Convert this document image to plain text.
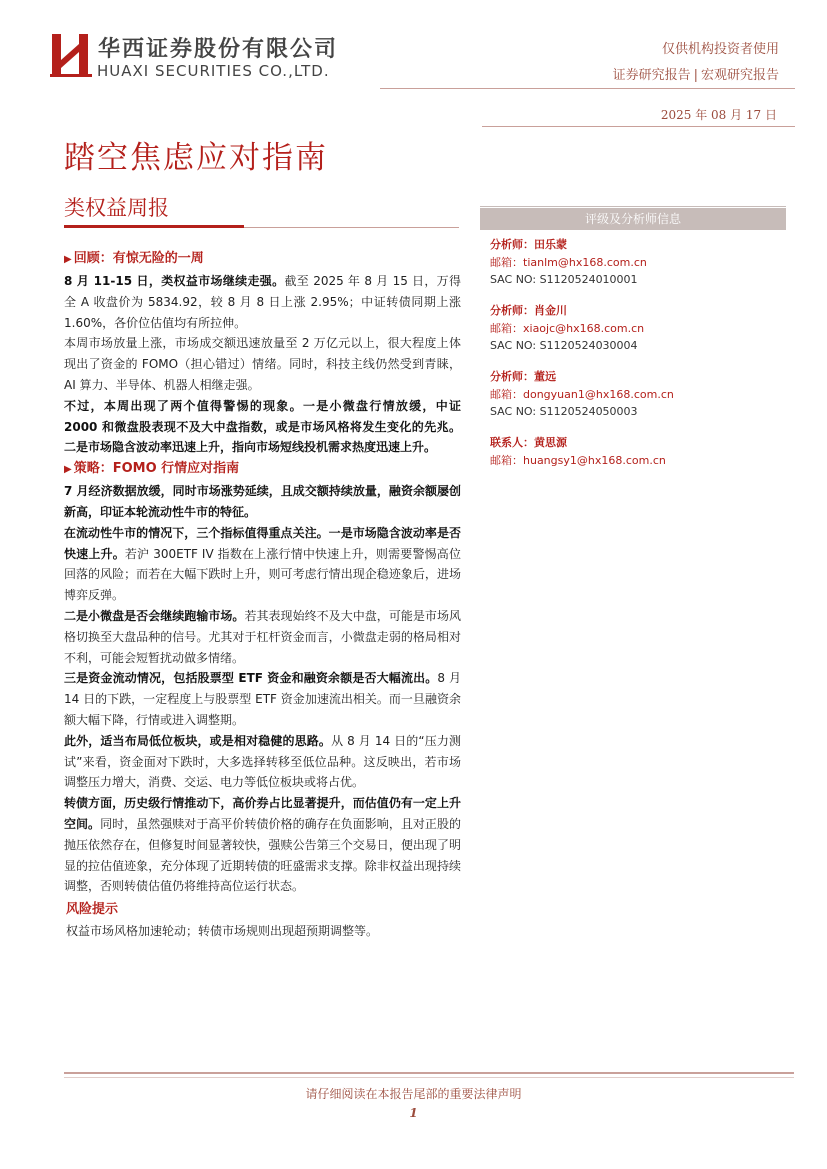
华西证券股份有限公司
HUAXI SECURITIES CO.,LTD.
仅供机构投资者使用
证券研究报告 | 宏观研究报告
2025 年 08 月 17 日
踏空焦虑应对指南
类权益周报

▶ 回顾：有惊无险的一周

8 月 11-15 日，类权益市场继续走强。截至 2025 年 8 月 15 日，万得全 A 收盘价为 5834.92，较 8 月 8 日上涨 2.95%；中证转债同期上涨 1.60%，各价位估值均有所拉伸。

本周市场放量上涨，市场成交额迅速放量至 2 万亿元以上，很大程度上体现出了资金的 FOMO（担心错过）情绪。同时，科技主线仍然受到青睐，AI 算力、半导体、机器人相继走强。

不过，本周出现了两个值得警惕的现象。一是小微盘行情放缓，中证 2000 和微盘股表现不及大中盘指数，或是市场风格将发生变化的先兆。二是市场隐含波动率迅速上升，指向市场短线投机需求热度迅速上升。

▶ 策略：FOMO 行情应对指南

7 月经济数据放缓，同时市场涨势延续，且成交额持续放量，融资余额屡创新高，印证本轮流动性牛市的特征。

在流动性牛市的情况下，三个指标值得重点关注。一是市场隐含波动率是否快速上升。若沪 300ETF IV 指数在上涨行情中快速上升，则需要警惕高位回落的风险；而若在大幅下跌时上升，则可考虑行情出现企稳迹象后，进场博弈反弹。

二是小微盘是否会继续跑输市场。若其表现始终不及大中盘，可能是市场风格切换至大盘品种的信号。尤其对于杠杆资金而言，小微盘走弱的格局相对不利，可能会短暂扰动做多情绪。

三是资金流动情况，包括股票型 ETF 资金和融资余额是否大幅流出。8 月 14 日的下跌，一定程度上与股票型 ETF 资金加速流出相关。而一旦融资余额大幅下降，行情或进入调整期。

此外，适当布局低位板块，或是相对稳健的思路。从 8 月 14 日的“压力测试”来看，资金面对下跌时，大多选择转移至低位品种。这反映出，若市场调整压力增大，消费、交运、电力等低位板块或将占优。

转债方面，历史级行情推动下，高价券占比显著提升，而估值仍有一定上升空间。同时，虽然强赎对于高平价转债价格的确存在负面影响，且对正股的抛压依然存在，但修复时间显著较快，强赎公告第三个交易日，便出现了明显的拉估值迹象，充分体现了近期转债的旺盛需求支撑。除非权益出现持续调整，否则转债估值仍将维持高位运行状态。

风险提示

权益市场风格加速轮动；转债市场规则出现超预期调整等。

评级及分析师信息
分析师：田乐蒙
邮箱：tianlm@hx168.com.cn
SAC NO: S1120524010001
分析师：肖金川
邮箱：xiaojc@hx168.com.cn
SAC NO: S1120524030004
分析师：董远
邮箱：dongyuan1@hx168.com.cn
SAC NO: S1120524050003
联系人：黄思源
邮箱：huangsy1@hx168.com.cn
请仔细阅读在本报告尾部的重要法律声明
1
